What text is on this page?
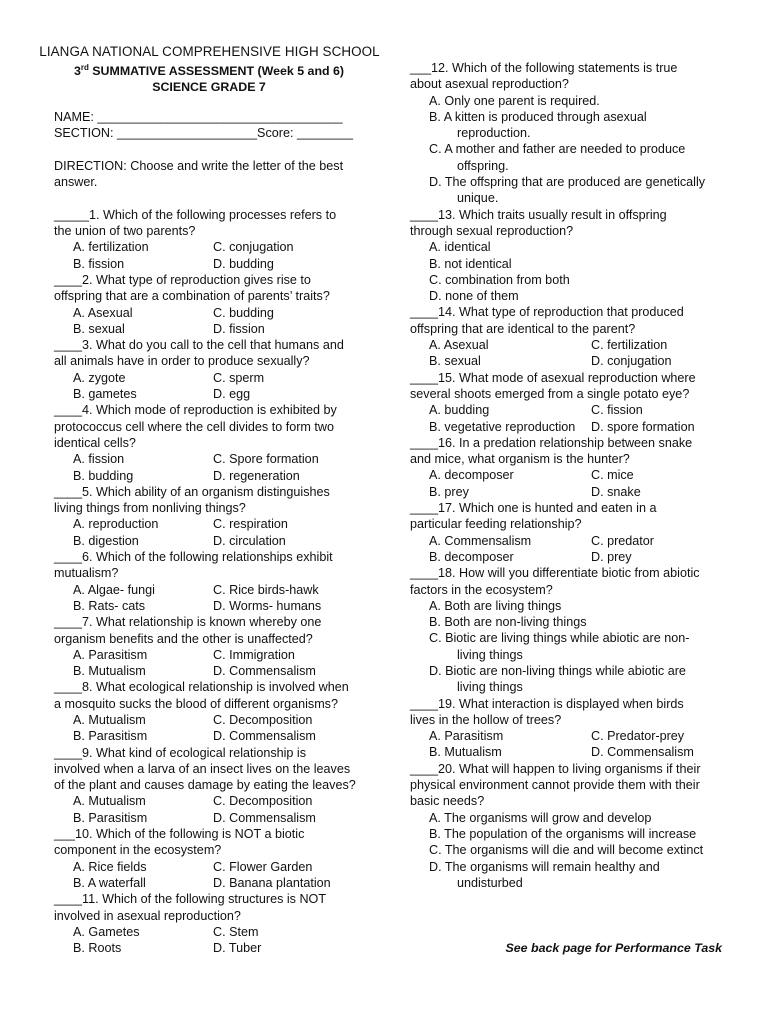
LIANGA NATIONAL COMPREHENSIVE HIGH SCHOOL
3rd SUMMATIVE ASSESSMENT (Week 5 and 6)
SCIENCE GRADE 7
NAME: ___________________________________
SECTION: ____________________Score: ________
DIRECTION: Choose and write the letter of the best
answer.
_____1. Which of the following processes refers to
the union of two parents?
A. fertilization	C. conjugation
B. fission	D. budding
____2. What type of reproduction gives rise to
offspring that are a combination of parents’ traits?
A. Asexual	C. budding
B. sexual	D. fission
____3. What do you call to the cell that humans and
all animals have in order to produce sexually?
A. zygote	C. sperm
B. gametes	D. egg
____4. Which mode of reproduction is exhibited by
protococcus cell where the cell divides to form two
identical cells?
A. fission	C. Spore formation
B. budding	D. regeneration
____5. Which ability of an organism distinguishes
living things from nonliving things?
A. reproduction	C. respiration
B. digestion	D. circulation
____6. Which of the following relationships exhibit
mutualism?
A. Algae- fungi	C. Rice birds-hawk
B. Rats- cats	D. Worms- humans
____7. What relationship is known whereby one
organism benefits and the other is unaffected?
A. Parasitism	C. Immigration
B. Mutualism	D. Commensalism
____8. What ecological relationship is involved when
a mosquito sucks the blood of different organisms?
A. Mutualism	C. Decomposition
B. Parasitism	D. Commensalism
____9. What kind of ecological relationship is
involved when a larva of an insect lives on the leaves
of the plant and causes damage by eating the leaves?
A. Mutualism	C. Decomposition
B. Parasitism	D. Commensalism
___10. Which of the following is NOT a biotic
component in the ecosystem?
A. Rice fields	C. Flower Garden
B. A waterfall	D. Banana plantation
____11. Which of the following structures is NOT
involved in asexual reproduction?
A. Gametes	C. Stem
B. Roots	D. Tuber
___12. Which of the following statements is true
about asexual reproduction?
A. Only one parent is required.
B. A kitten is produced through asexual
reproduction.
C. A mother and father are needed to produce
offspring.
D. The offspring that are produced are genetically
unique.
____13. Which traits usually result in offspring
through sexual reproduction?
A. identical
B. not identical
C. combination from both
D. none of them
____14. What type of reproduction that produced
offspring that are identical to the parent?
A. Asexual	C. fertilization
B. sexual	D. conjugation
____15. What mode of asexual reproduction where
several shoots emerged from a single potato eye?
A. budding	C. fission
B. vegetative reproduction	D. spore formation
____16. In a predation relationship between snake
and mice, what organism is the hunter?
A. decomposer	C. mice
B. prey	D. snake
____17. Which one is hunted and eaten in a
particular feeding relationship?
A. Commensalism	C. predator
B. decomposer	D. prey
____18. How will you differentiate biotic from abiotic
factors in the ecosystem?
A. Both are living things
B. Both are non-living things
C. Biotic are living things while abiotic are non-
living things
D. Biotic are non-living things while abiotic are
living things
____19. What interaction is displayed when birds
lives in the hollow of trees?
A. Parasitism	C. Predator-prey
B. Mutualism	D. Commensalism
____20. What will happen to living organisms if their
physical environment cannot provide them with their
basic needs?
A. The organisms will grow and develop
B. The population of the organisms will increase
C. The organisms will die and will become extinct
D. The organisms will remain healthy and
undisturbed
See back page for Performance Task
